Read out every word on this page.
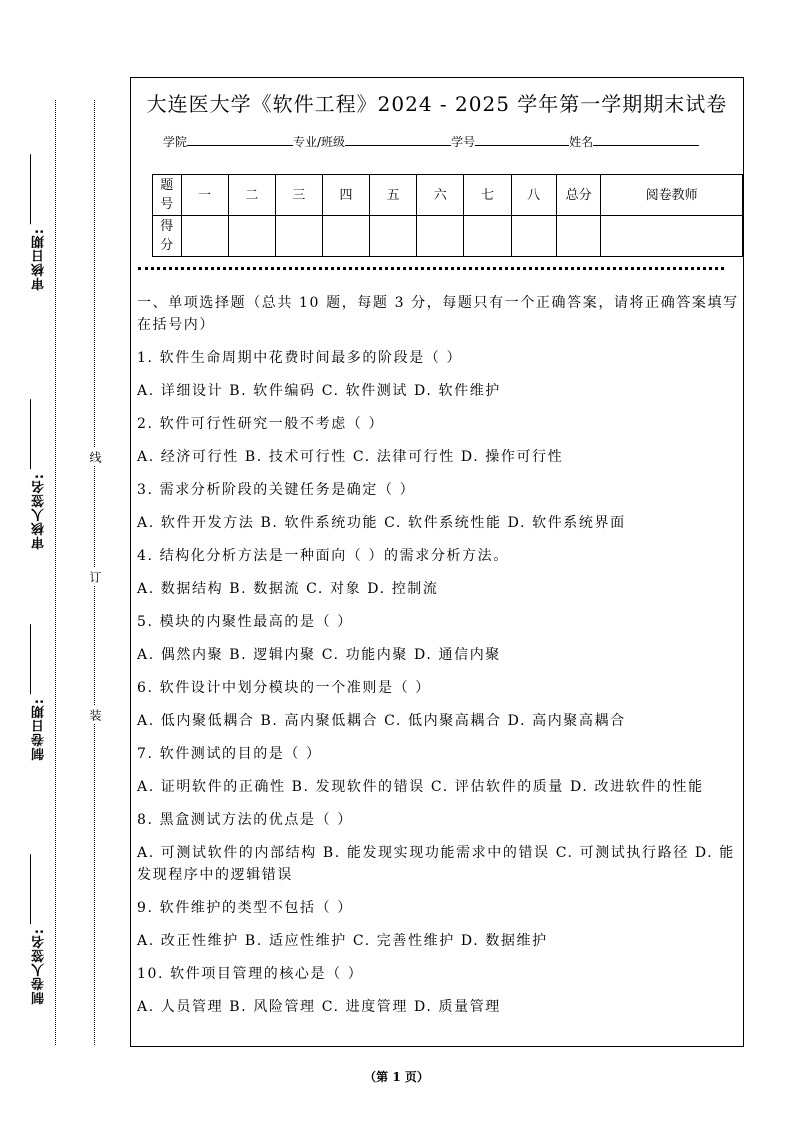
审核日期:
审核人签名:
制卷日期:
制卷人签名:
线
订
装
大连医大学《软件工程》2024 - 2025 学年第一学期期末试卷
学院	专业/班级	学号	姓名
题号	一	二	三	四	五	六	七	八	总分	阅卷教师
得分										

一、单项选择题（总共 10 题，每题 3 分，每题只有一个正确答案，请将正确答案填写在括号内）

1. 软件生命周期中花费时间最多的阶段是（ ）

A. 详细设计 B. 软件编码 C. 软件测试 D. 软件维护

2. 软件可行性研究一般不考虑（ ）

A. 经济可行性 B. 技术可行性 C. 法律可行性 D. 操作可行性

3. 需求分析阶段的关键任务是确定（ ）

A. 软件开发方法 B. 软件系统功能 C. 软件系统性能 D. 软件系统界面

4. 结构化分析方法是一种面向（ ）的需求分析方法。

A. 数据结构 B. 数据流 C. 对象 D. 控制流

5. 模块的内聚性最高的是（ ）

A. 偶然内聚 B. 逻辑内聚 C. 功能内聚 D. 通信内聚

6. 软件设计中划分模块的一个准则是（ ）

A. 低内聚低耦合 B. 高内聚低耦合 C. 低内聚高耦合 D. 高内聚高耦合

7. 软件测试的目的是（ ）

A. 证明软件的正确性 B. 发现软件的错误 C. 评估软件的质量 D. 改进软件的性能

8. 黑盒测试方法的优点是（ ）

A. 可测试软件的内部结构 B. 能发现实现功能需求中的错误 C. 可测试执行路径 D. 能发现程序中的逻辑错误

9. 软件维护的类型不包括（ ）

A. 改正性维护 B. 适应性维护 C. 完善性维护 D. 数据维护

10. 软件项目管理的核心是（ ）

A. 人员管理 B. 风险管理 C. 进度管理 D. 质量管理

（第 1 页）
